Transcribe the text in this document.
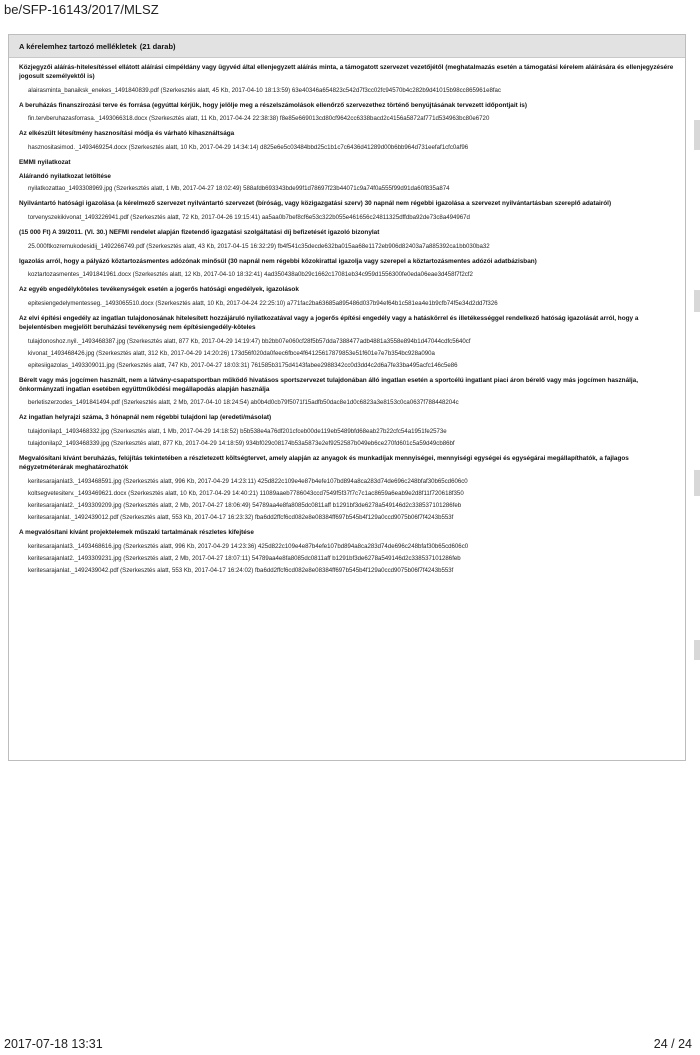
be/SFP-16143/2017/MLSZ
A kérelemhez tartozó mellékletek (21 darab)
Közjegyzői aláírás-hitelesítéssel ellátott aláírási címpéldány vagy ügyvéd által ellenjegyzett aláírás minta, a támogatott szervezet vezetőjétől (meghatalmazás esetén a támogatási kérelem aláírására és ellenjegyzésére jogosult személyektől is)
alairasminta_banaiksk_enekes_1491840839.pdf (Szerkesztés alatt, 45 Kb, 2017-04-10 18:13:59) 63e40346a654823c542d7f3cc02fc94570b4c282b9d41015b98cc865961e8fac
A beruházás finanszírozási terve és forrása (egyúttal kérjük, hogy jelölje meg a részelszámolások ellenőrző szervezethez történő benyújtásának tervezett időpontjait is)
fin.tervberuhazasforrasa._1493066318.docx (Szerkesztés alatt, 11 Kb, 2017-04-24 22:38:38) f8e85e669013cd80cf9642cc6338bacd2c4156a5872af771d534963bc80e6720
Az elkészült létesítmény hasznosítási módja és várható kihasználtsága
hasznositasimod._1493469254.docx (Szerkesztés alatt, 10 Kb, 2017-04-29 14:34:14) d825e6e5c03484bbd25c1b1c7c6436d41289d00b6bb964d731eefaf1cfc0af96
EMMI nyilatkozat
Aláírandó nyilatkozat letöltése
nyilatkozattao_1493308969.jpg (Szerkesztés alatt, 1 Mb, 2017-04-27 18:02:49) 588afdb693343bde99f1d78697f23b44071c9a74f0a555f99d91da60f835a874
Nyilvántartó hatósági igazolása (a kérelmező szervezet nyilvántartó szervezet (bíróság, vagy közigazgatási szerv) 30 napnál nem régebbi igazolása a szervezet nyilvántartásban szereplő adatairól)
torvenyszekikivonat_1493226941.pdf (Szerkesztés alatt, 72 Kb, 2017-04-26 19:15:41) aa5aa0b7bef8cf6e53c322b055e461656c24811325dffdba92de73c8a494967d
(15 000 Ft) A 39/2011. (VI. 30.) NEFMI rendelet alapján fizetendő igazgatási szolgáltatási díj befizetését igazoló bizonylat
25.000ftkozremukodesidij_1492266749.pdf (Szerkesztés alatt, 43 Kb, 2017-04-15 16:32:29) fb4f541c35decde632ba015aa68e1172eb906d82403a7a885392ca1bb030ba32
Igazolás arról, hogy a pályázó köztartozásmentes adózónak minősül (30 napnál nem régebbi közokirattal igazolja vagy szerepel a köztartozásmentes adózói adatbázisban)
koztartozasmentes_1491841961.docx (Szerkesztés alatt, 12 Kb, 2017-04-10 18:32:41) 4ad350438a0b29c1662c17081eb34c959d1556300fe0eda06eae3d458f7f2cf2
Az egyéb engedélyköteles tevékenységek esetén a jogerős hatósági engedélyek, igazolások
epitesiengedelymentesseg._1493065510.docx (Szerkesztés alatt, 10 Kb, 2017-04-24 22:25:10) a771fac2ba63685a895486d037b94ef64b1c581ea4e1b9cfb74f5e34d2dd7f326
Az elvi építési engedély az ingatlan tulajdonosának hitelesített hozzájáruló nyilatkozatával vagy a jogerős építési engedély vagy a hatáskörrel és illetékességgel rendelkező hatóság igazolását arról, hogy a bejelentésben megjelölt beruházási tevékenység nem építésiengedély-köteles
tulajdonoshoz.nyil._1493468387.jpg (Szerkesztés alatt, 877 Kb, 2017-04-29 14:19:47) bb2bb07e060cf28f5b57dda7388477adb4881a3558e894b1d47044cdfc5640cf
kivonat_1493468426.jpg (Szerkesztés alatt, 312 Kb, 2017-04-29 14:20:26) 173d56f020da0feec6fbce4f64125617879853e51f601e7e7b354bc928a090a
epitesiigazolas_1493309011.jpg (Szerkesztés alatt, 747 Kb, 2017-04-27 18:03:31) 761585b3175d4143fabee2988342cc0d3dd4c2d6a7fe33ba495acfc146c5e86
Bérelt vagy más jogcímen használt, nem a látvány-csapatsportban működő hivatásos sportszervezet tulajdonában álló ingatlan esetén a sportcélú ingatlant piaci áron bérelő vagy más jogcímen használja, önkormányzati ingatlan esetében együttműködési megállapodás alapján használja
berletiszerzodes_1491841494.pdf (Szerkesztés alatt, 2 Mb, 2017-04-10 18:24:54) ab0b4d0cb79f5071f15adfb50dac8e1d0c6823a3e8153c0ca0637f788448204c
Az ingatlan helyrajzi száma, 3 hónapnál nem régebbi tulajdoni lap (eredeti/másolat)
tulajdonilap1_1493468332.jpg (Szerkesztés alatt, 1 Mb, 2017-04-29 14:18:52) b5b538e4a76df201cfceb00de119eb5489bfd68eab27b22cfc54a1951fe2573e
tulajdonilap2_1493468339.jpg (Szerkesztés alatt, 877 Kb, 2017-04-29 14:18:59) 934bf029c08174b53a5873e2ef9252587b049eb6ce270fd601c5a59d49cb86bf
Megvalósítani kívánt beruházás, felújítás tekintetében a részletezett költségtervet, amely alapján az anyagok és munkadíjak mennyiségei, mennyiségi egységei és egységárai megállapíthatók, a fajlagos négyzetméterárak meghatározhatók
keritesarajanlat3._1493468591.jpg (Szerkesztés alatt, 996 Kb, 2017-04-29 14:23:11) 425d822c109e4e87b4efe107bd894a8ca283d74de696c248bfaf30b65cd606c0
koltsegvetesiterv._1493469621.docx (Szerkesztés alatt, 10 Kb, 2017-04-29 14:40:21) 11089aaeb7786043ccd7549f5f37f7c7c1ac8659a6eab9e2d8f11f720618f350
keritesarajanlat2._1493309209.jpg (Szerkesztés alatt, 2 Mb, 2017-04-27 18:06:49) 54789aa4e8fa8085dc0811aff b1291bf3de6278a549146d2c338537101286feb
keritesarajanlat._1492439012.pdf (Szerkesztés alatt, 553 Kb, 2017-04-17 16:23:32) fba6dd2ffcf6cd082e8e08384ff697b545b4f129a0ccd9075b06f7f4243b553f
A megvalósítani kívánt projektelemek műszaki tartalmának részletes kifejtése
keritesarajanlat3._1493468616.jpg (Szerkesztés alatt, 996 Kb, 2017-04-29 14:23:36) 425d822c109e4e87b4efe107bd894a8ca283d74de696c248bfaf30b65cd606c0
keritesarajanlat2._1493309231.jpg (Szerkesztés alatt, 2 Mb, 2017-04-27 18:07:11) 54789aa4e8fa8085dc0811aff b1291bf3de6278a549146d2c338537101286feb
keritesarajanlat._1492439042.pdf (Szerkesztés alatt, 553 Kb, 2017-04-17 16:24:02) fba6dd2ffcf6cd082e8e08384ff697b545b4f129a0ccd9075b06f7f4243b553f
2017-07-18 13:31	24 / 24
